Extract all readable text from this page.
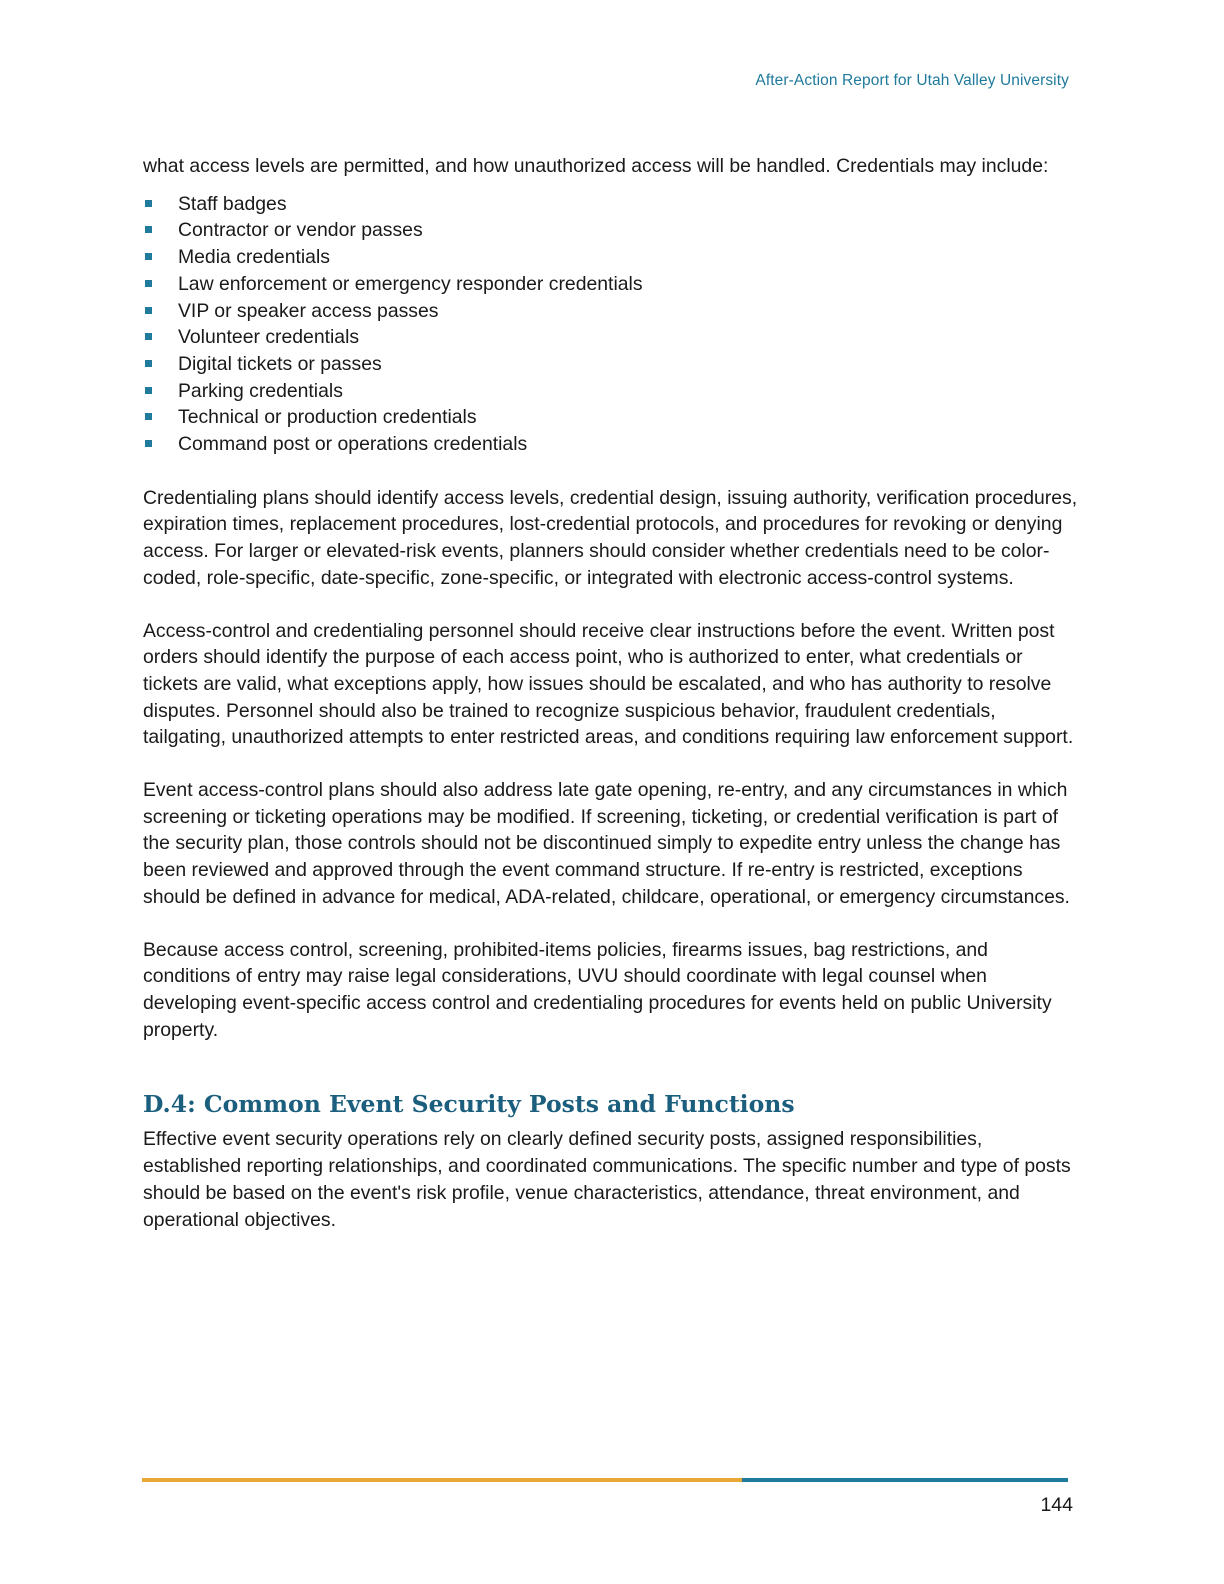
After-Action Report for Utah Valley University

what access levels are permitted, and how unauthorized access will be handled. Credentials may include:

Staff badges
Contractor or vendor passes
Media credentials
Law enforcement or emergency responder credentials
VIP or speaker access passes
Volunteer credentials
Digital tickets or passes
Parking credentials
Technical or production credentials
Command post or operations credentials

Credentialing plans should identify access levels, credential design, issuing authority, verification procedures, expiration times, replacement procedures, lost-credential protocols, and procedures for revoking or denying access. For larger or elevated-risk events, planners should consider whether credentials need to be color-coded, role-specific, date-specific, zone-specific, or integrated with electronic access-control systems.

Access-control and credentialing personnel should receive clear instructions before the event. Written post orders should identify the purpose of each access point, who is authorized to enter, what credentials or tickets are valid, what exceptions apply, how issues should be escalated, and who has authority to resolve disputes. Personnel should also be trained to recognize suspicious behavior, fraudulent credentials, tailgating, unauthorized attempts to enter restricted areas, and conditions requiring law enforcement support.

Event access-control plans should also address late gate opening, re-entry, and any circumstances in which screening or ticketing operations may be modified. If screening, ticketing, or credential verification is part of the security plan, those controls should not be discontinued simply to expedite entry unless the change has been reviewed and approved through the event command structure. If re-entry is restricted, exceptions should be defined in advance for medical, ADA-related, childcare, operational, or emergency circumstances.

Because access control, screening, prohibited-items policies, firearms issues, bag restrictions, and conditions of entry may raise legal considerations, UVU should coordinate with legal counsel when developing event-specific access control and credentialing procedures for events held on public University property.

D.4: Common Event Security Posts and Functions

Effective event security operations rely on clearly defined security posts, assigned responsibilities, established reporting relationships, and coordinated communications. The specific number and type of posts should be based on the event's risk profile, venue characteristics, attendance, threat environment, and operational objectives.

144
